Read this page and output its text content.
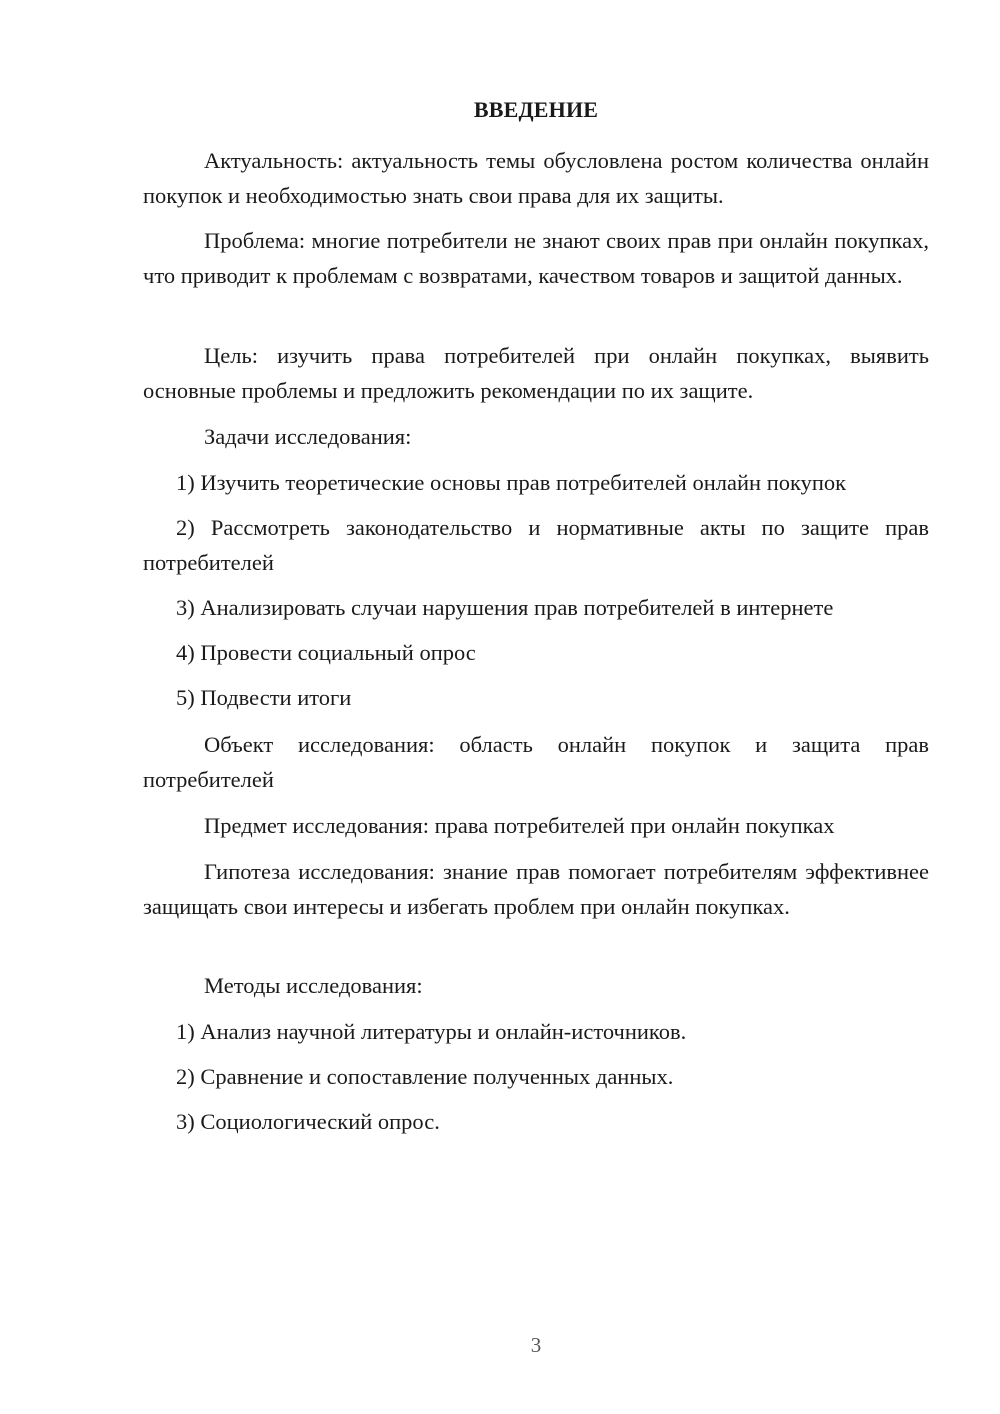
ВВЕДЕНИЕ
Актуальность: актуальность темы обусловлена ростом количества онлайн покупок и необходимостью знать свои права для их защиты.
Проблема: многие потребители не знают своих прав при онлайн покупках, что приводит к проблемам с возвратами, качеством товаров и защитой данных.
Цель: изучить права потребителей при онлайн покупках, выявить основные проблемы и предложить рекомендации по их защите.
Задачи исследования:
1) Изучить теоретические основы прав потребителей онлайн покупок
2) Рассмотреть законодательство и нормативные акты по защите прав потребителей
3) Анализировать случаи нарушения прав потребителей в интернете
4) Провести социальный опрос
5) Подвести итоги
Объект исследования: область онлайн покупок и защита прав потребителей
Предмет исследования: права потребителей при онлайн покупках
Гипотеза исследования: знание прав помогает потребителям эффективнее защищать свои интересы и избегать проблем при онлайн покупках.
Методы исследования:
1) Анализ научной литературы и онлайн-источников.
2) Сравнение и сопоставление полученных данных.
3) Социологический опрос.
3
